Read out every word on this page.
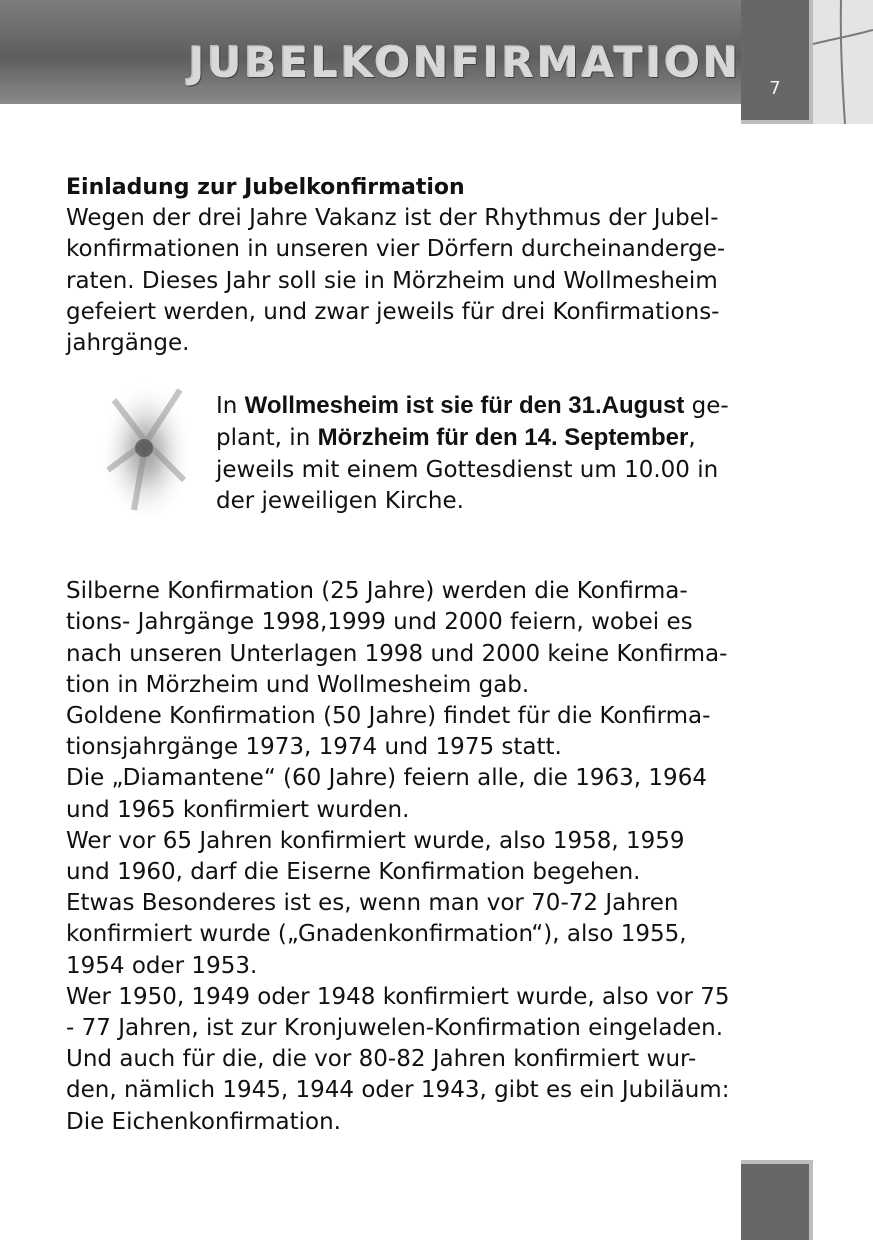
JUBELKONFIRMATION
7

Einladung zur Jubelkonfirmation

Wegen der drei Jahre Vakanz ist der Rhythmus der Jubel-
konfirmationen in unseren vier Dörfern durcheinanderge-
raten. Dieses Jahr soll sie in Mörzheim und Wollmesheim
gefeiert werden, und zwar jeweils für drei Konfirmations-
jahrgänge.

In Wollmesheim ist sie für den 31.August ge-
plant, in Mörzheim für den 14. September,
jeweils mit einem Gottesdienst um 10.00 in
der jeweiligen Kirche.

Silberne Konfirmation (25 Jahre) werden die Konfirma-
tions- Jahrgänge 1998,1999 und 2000 feiern, wobei es
nach unseren Unterlagen 1998 und 2000 keine Konfirma-
tion in Mörzheim und Wollmesheim gab.
Goldene Konfirmation (50 Jahre) findet für die Konfirma-
tionsjahrgänge 1973, 1974 und 1975 statt.
Die „Diamantene“ (60 Jahre) feiern alle, die 1963, 1964
und 1965 konfirmiert wurden.
Wer vor 65 Jahren konfirmiert wurde, also 1958, 1959
und 1960, darf die Eiserne Konfirmation begehen.
Etwas Besonderes ist es, wenn man vor 70-72 Jahren
konfirmiert wurde („Gnadenkonfirmation“), also 1955,
1954 oder 1953.
Wer 1950, 1949 oder 1948 konfirmiert wurde, also vor 75
- 77 Jahren, ist zur Kronjuwelen-Konfirmation eingeladen.
Und auch für die, die vor 80-82 Jahren konfirmiert wur-
den, nämlich 1945, 1944 oder 1943, gibt es ein Jubiläum:
Die Eichenkonfirmation.
